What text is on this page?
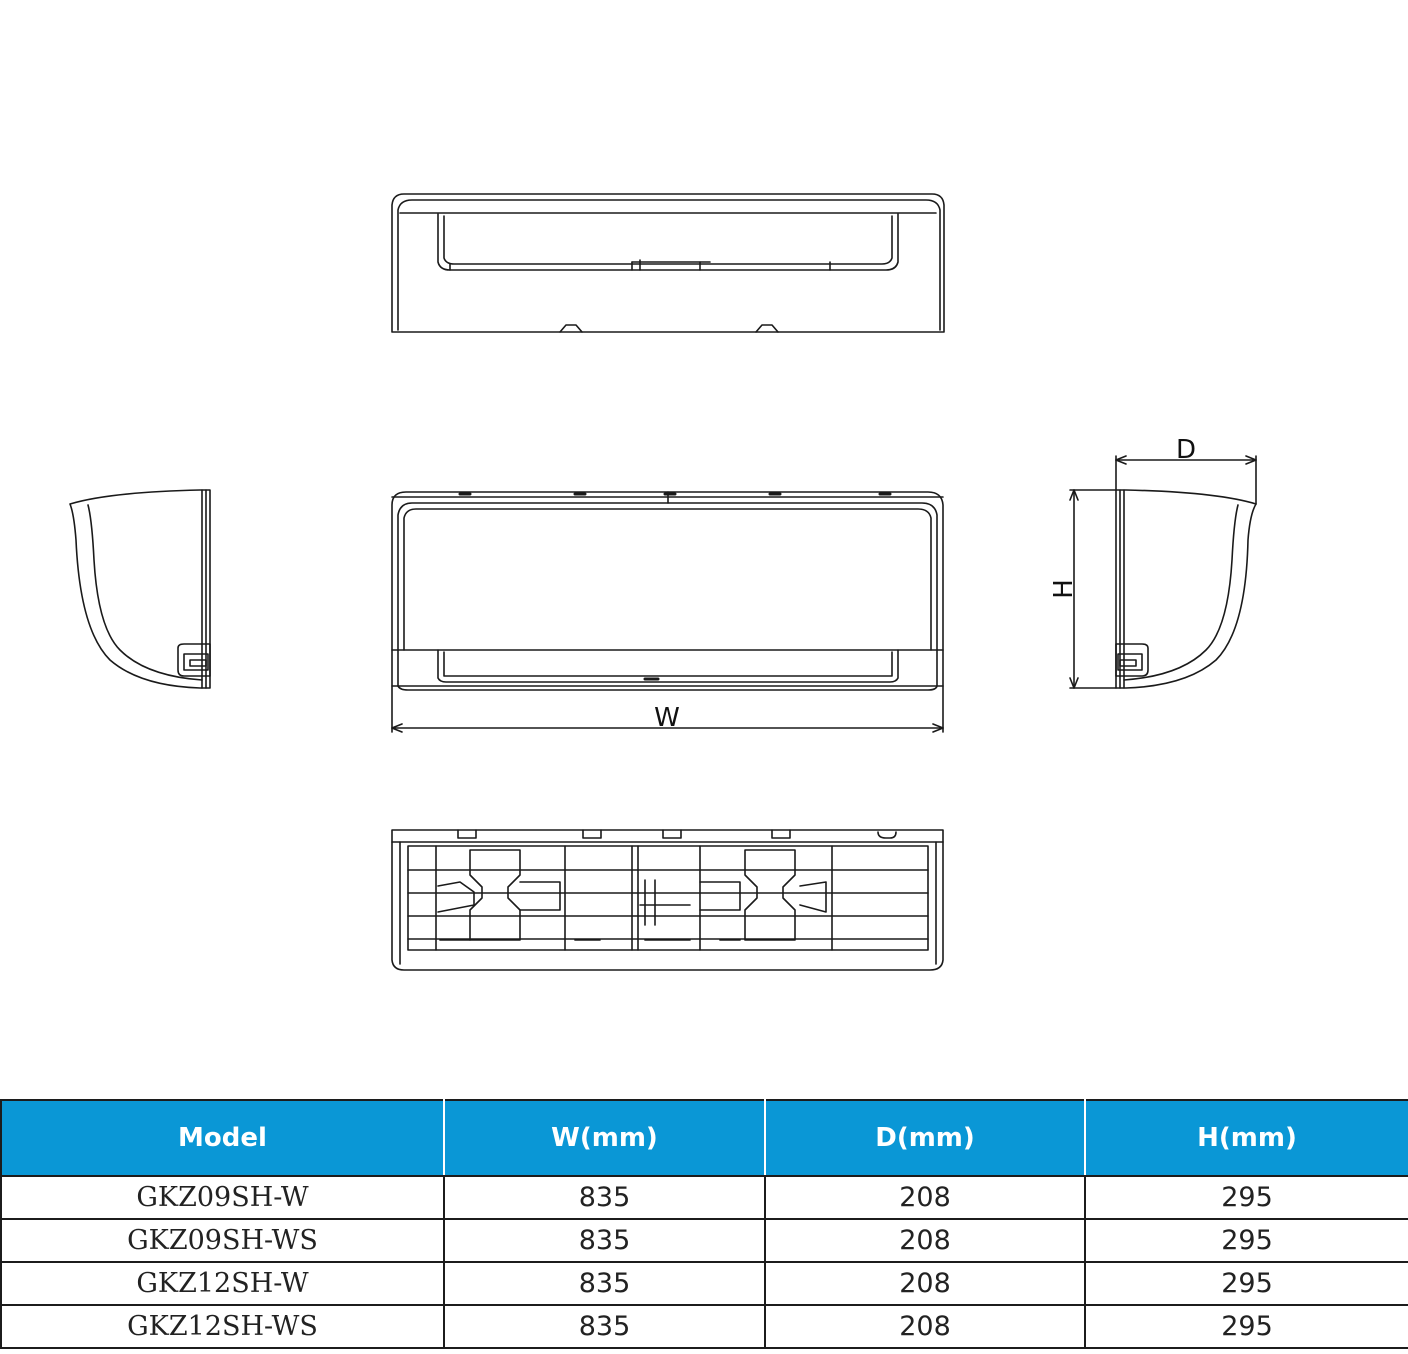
W
D
H
Model	W(mm)	D(mm)	H(mm)
GKZ09SH-W	835	208	295
GKZ09SH-WS	835	208	295
GKZ12SH-W	835	208	295
GKZ12SH-WS	835	208	295
